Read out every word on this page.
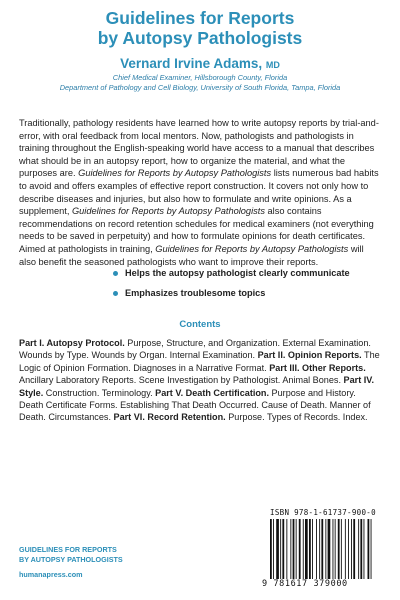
Guidelines for Reports
by Autopsy Pathologists

Vernard Irvine Adams, MD
Chief Medical Examiner, Hillsborough County, Florida
Department of Pathology and Cell Biology, University of South Florida, Tampa, Florida
Traditionally, pathology residents have learned how to write autopsy reports by trial-and-error, with oral feedback from local mentors. Now, pathologists and pathologists in training throughout the English-speaking world have access to a manual that describes what should be in an autopsy report, how to organize the material, and what the purposes are. Guidelines for Reports by Autopsy Pathologists lists numerous bad habits to avoid and offers examples of effective report construction. It covers not only how to describe diseases and injuries, but also how to formulate and write opinions. As a supplement, Guidelines for Reports by Autopsy Pathologists also contains recommendations on record retention schedules for medical examiners (not everything needs to be saved in perpetuity) and how to formulate opinions for death certificates. Aimed at pathologists in training, Guidelines for Reports by Autopsy Pathologists will also benefit the seasoned pathologists who want to improve their reports.
Helps the autopsy pathologist clearly communicate
Emphasizes troublesome topics
Contents
Part I. Autopsy Protocol. Purpose, Structure, and Organization. External Examination. Wounds by Type. Wounds by Organ. Internal Examination. Part II. Opinion Reports. The Logic of Opinion Formation. Diagnoses in a Narrative Format. Part III. Other Reports. Ancillary Laboratory Reports. Scene Investigation by Pathologist. Animal Bones. Part IV. Style. Construction. Terminology. Part V. Death Certification. Purpose and History. Death Certificate Forms. Establishing That Death Occurred. Cause of Death. Manner of Death. Circumstances. Part VI. Record Retention. Purpose. Types of Records. Index.
GUIDELINES FOR REPORTS
BY AUTOPSY PATHOLOGISTS
humanapress.com
ISBN 978-1-61737-900-0
9 781617 379000
